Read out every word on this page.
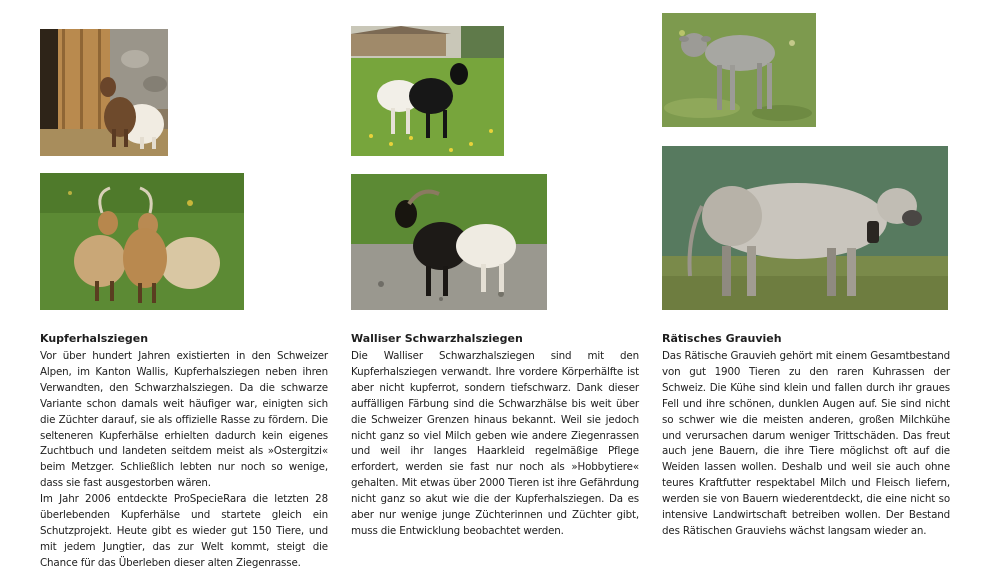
Kupferhalsziegen

Vor über hundert Jahren existierten in den Schweizer Alpen, im Kanton Wallis, Kupferhalsziegen neben ihren Verwandten, den Schwarzhalsziegen. Da die schwarze Variante schon damals weit häufiger war, einigten sich die Züchter darauf, sie als offizielle Rasse zu fördern. Die selteneren Kupferhälse erhielten dadurch kein eigenes Zuchtbuch und landeten seitdem meist als »Ostergitzi« beim Metzger. Schließlich lebten nur noch so wenige, dass sie fast ausgestorben wären.

Im Jahr 2006 entdeckte ProSpecieRara die letzten 28 überlebenden Kupferhälse und startete gleich ein Schutzprojekt. Heute gibt es wieder gut 150 Tiere, und mit jedem Jungtier, das zur Welt kommt, steigt die Chance für das Überleben dieser alten Ziegenrasse.

Walliser Schwarzhalsziegen

Die Walliser Schwarzhalsziegen sind mit den Kupferhalsziegen verwandt. Ihre vordere Körperhälfte ist aber nicht kupferrot, sondern tiefschwarz. Dank dieser auffälligen Färbung sind die Schwarzhälse bis weit über die Schweizer Grenzen hinaus bekannt. Weil sie jedoch nicht ganz so viel Milch geben wie andere Ziegenrassen und weil ihr langes Haarkleid regelmäßige Pflege erfordert, werden sie fast nur noch als »Hobbytiere« gehalten. Mit etwas über 2000 Tieren ist ihre Gefährdung nicht ganz so akut wie die der Kupferhalsziegen. Da es aber nur wenige junge Züchterinnen und Züchter gibt, muss die Entwicklung beobachtet werden.

Rätisches Grauvieh

Das Rätische Grauvieh gehört mit einem Gesamtbestand von gut 1900 Tieren zu den raren Kuhrassen der Schweiz. Die Kühe sind klein und fallen durch ihr graues Fell und ihre schönen, dunklen Augen auf. Sie sind nicht so schwer wie die meisten anderen, großen Milchkühe und verursachen darum weniger Trittschäden. Das freut auch jene Bauern, die ihre Tiere möglichst oft auf die Weiden lassen wollen. Deshalb und weil sie auch ohne teures Kraftfutter respektabel Milch und Fleisch liefern, werden sie von Bauern wiederentdeckt, die eine nicht so intensive Landwirtschaft betreiben wollen. Der Bestand des Rätischen Grauviehs wächst langsam wieder an.
